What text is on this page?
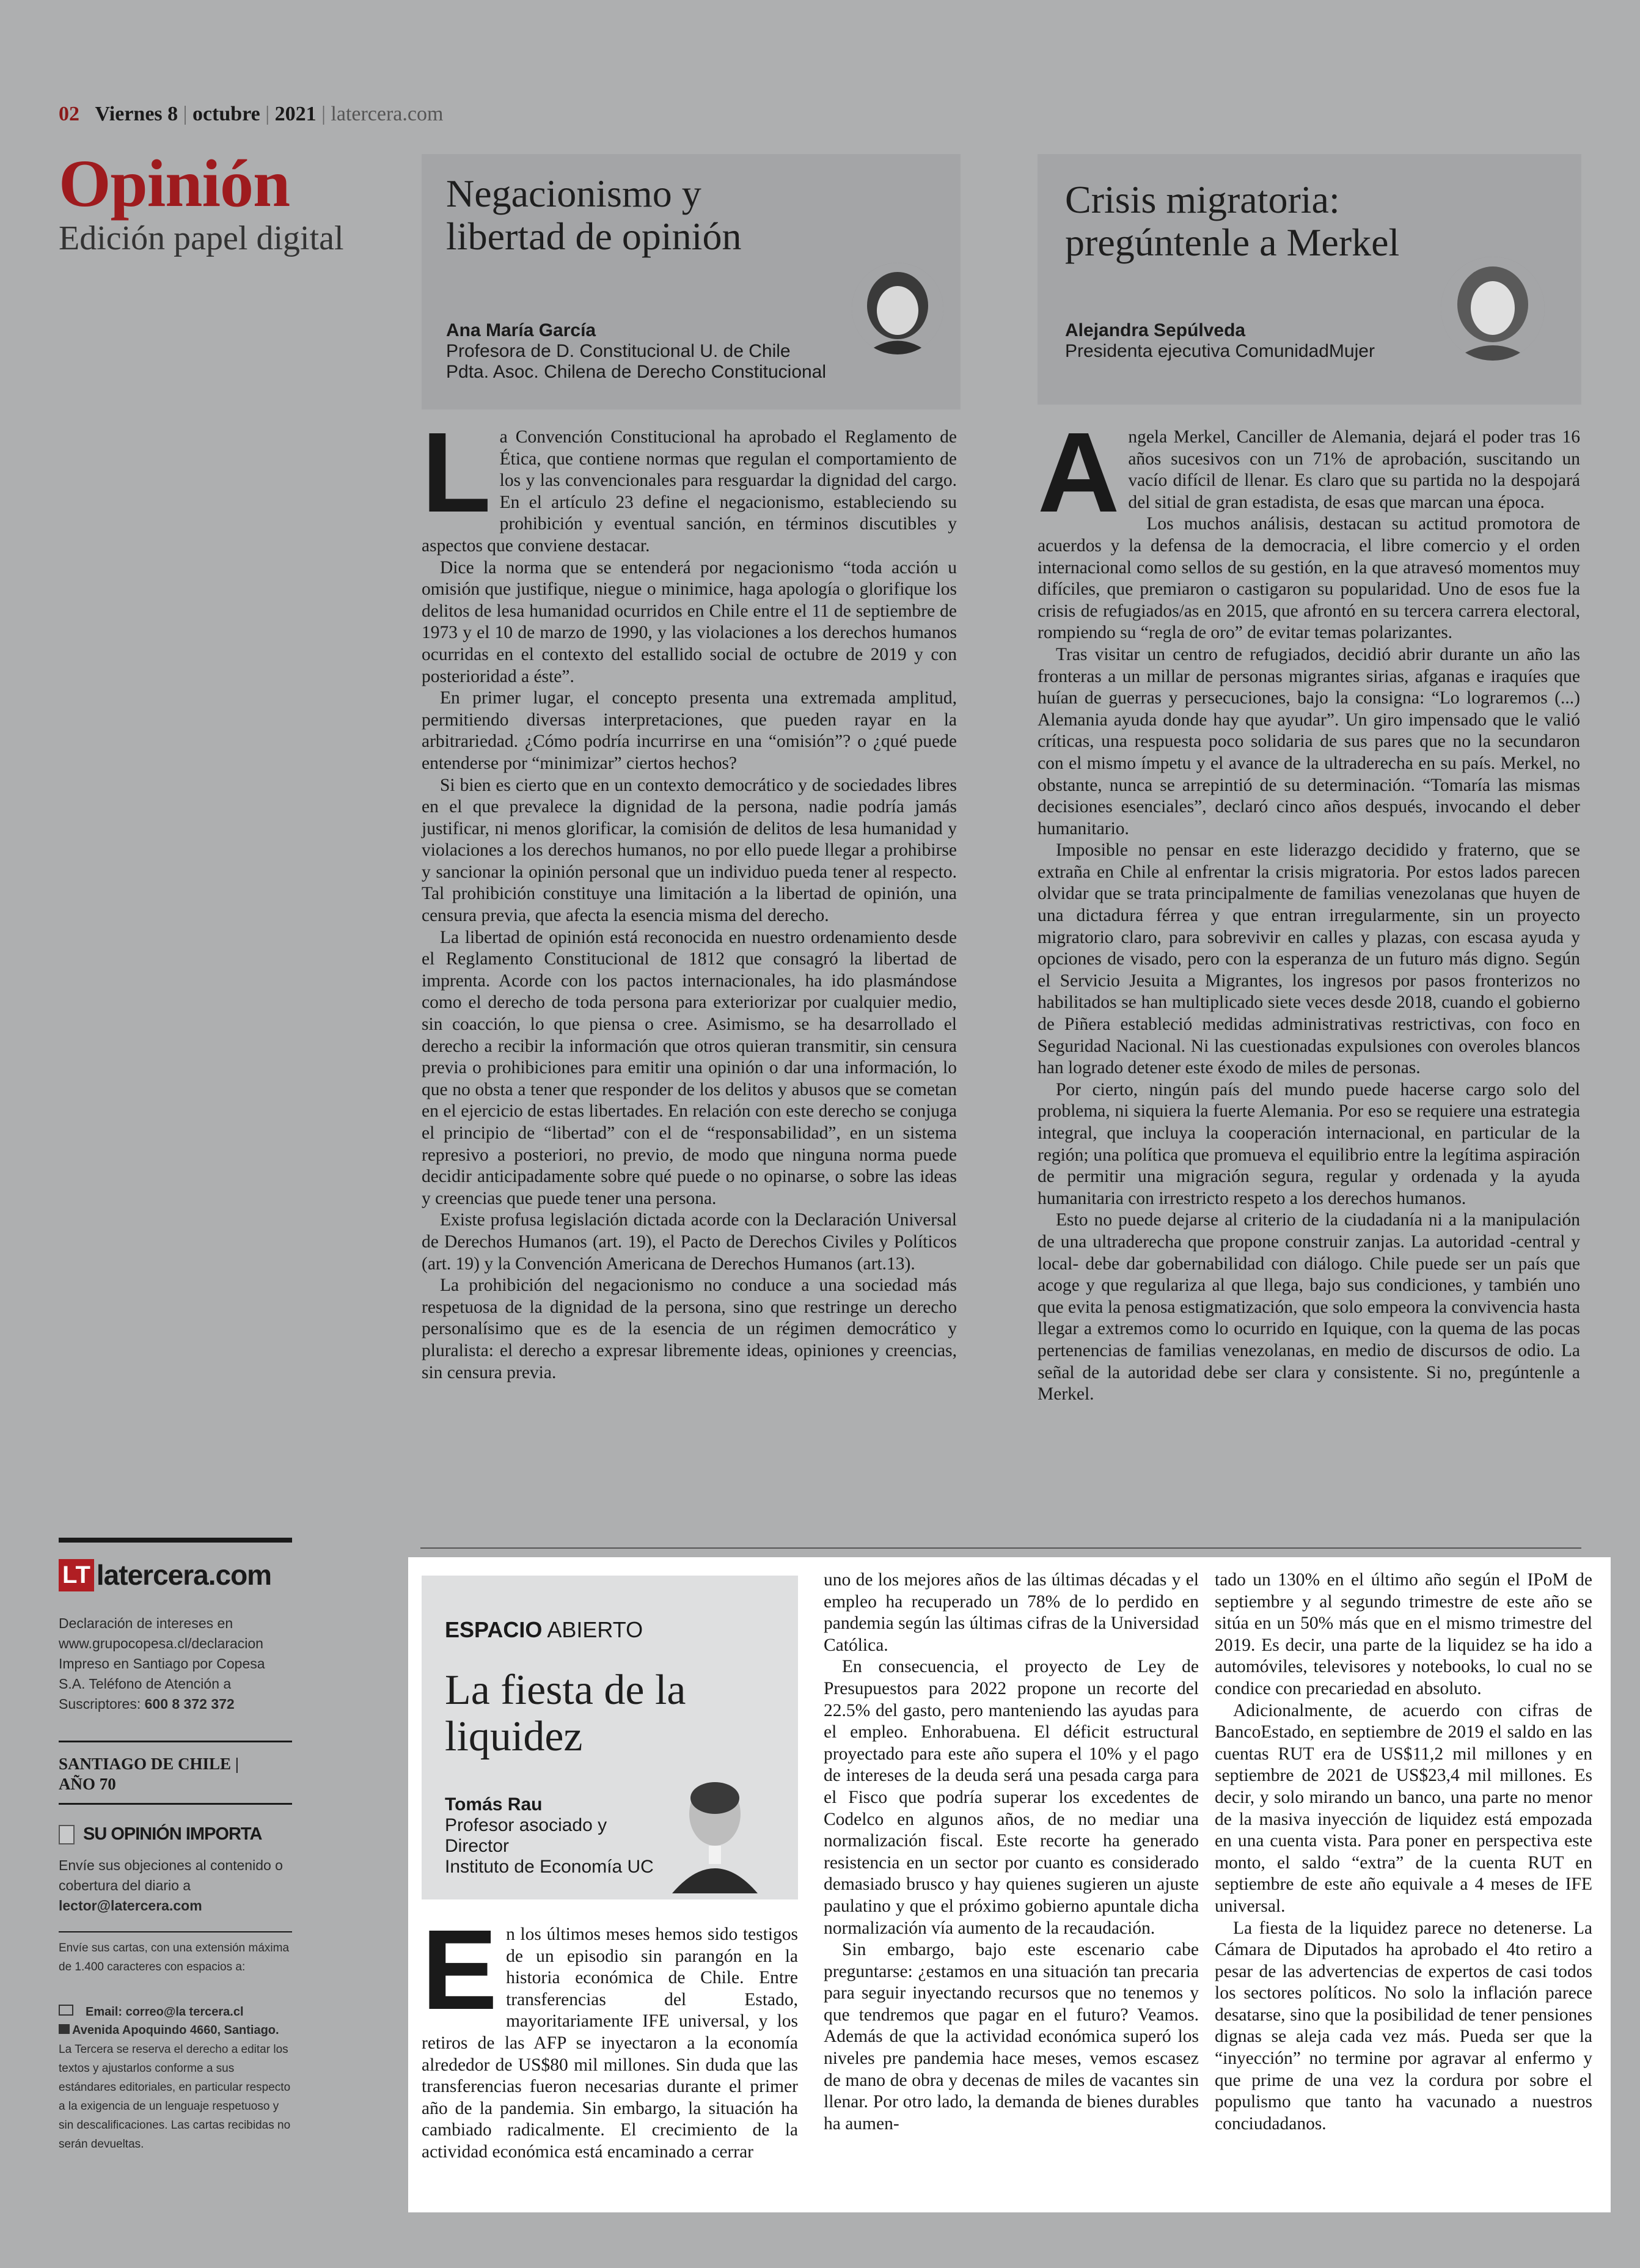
02 Viernes 8 | octubre | 2021 | latercera.com
Opinión
Edición papel digital
Negacionismo y libertad de opinión
Ana María García
Profesora de D. Constitucional U. de Chile
Pdta. Asoc. Chilena de Derecho Constitucional
Crisis migratoria: pregúntenle a Merkel
Alejandra Sepúlveda
Presidenta ejecutiva ComunidadMujer

La Convención Constitucional ha aprobado el Reglamento de Ética, que contiene normas que regulan el comportamiento de los y las convencionales para resguardar la dignidad del cargo. En el artículo 23 define el negacionismo, estableciendo su prohibición y eventual sanción, en términos discutibles y aspectos que conviene destacar.

Dice la norma que se entenderá por negacionismo “toda acción u omisión que justifique, niegue o minimice, haga apología o glorifique los delitos de lesa humanidad ocurridos en Chile entre el 11 de septiembre de 1973 y el 10 de marzo de 1990, y las violaciones a los derechos humanos ocurridas en el contexto del estallido social de octubre de 2019 y con posterioridad a éste”.

En primer lugar, el concepto presenta una extremada amplitud, permitiendo diversas interpretaciones, que pueden rayar en la arbitrariedad. ¿Cómo podría incurrirse en una “omisión”? o ¿qué puede entenderse por “minimizar” ciertos hechos?

Si bien es cierto que en un contexto democrático y de sociedades libres en el que prevalece la dignidad de la persona, nadie podría jamás justificar, ni menos glorificar, la comisión de delitos de lesa humanidad y violaciones a los derechos humanos, no por ello puede llegar a prohibirse y sancionar la opinión personal que un individuo pueda tener al respecto. Tal prohibición constituye una limitación a la libertad de opinión, una censura previa, que afecta la esencia misma del derecho.

La libertad de opinión está reconocida en nuestro ordenamiento desde el Reglamento Constitucional de 1812 que consagró la libertad de imprenta. Acorde con los pactos internacionales, ha ido plasmándose como el derecho de toda persona para exteriorizar por cualquier medio, sin coacción, lo que piensa o cree. Asimismo, se ha desarrollado el derecho a recibir la información que otros quieran transmitir, sin censura previa o prohibiciones para emitir una opinión o dar una información, lo que no obsta a tener que responder de los delitos y abusos que se cometan en el ejercicio de estas libertades. En relación con este derecho se conjuga el principio de “libertad” con el de “responsabilidad”, en un sistema represivo a posteriori, no previo, de modo que ninguna norma puede decidir anticipadamente sobre qué puede o no opinarse, o sobre las ideas y creencias que puede tener una persona.

Existe profusa legislación dictada acorde con la Declaración Universal de Derechos Humanos (art. 19), el Pacto de Derechos Civiles y Políticos (art. 19) y la Convención Americana de Derechos Humanos (art.13).

La prohibición del negacionismo no conduce a una sociedad más respetuosa de la dignidad de la persona, sino que restringe un derecho personalísimo que es de la esencia de un régimen democrático y pluralista: el derecho a expresar libremente ideas, opiniones y creencias, sin censura previa.

Angela Merkel, Canciller de Alemania, dejará el poder tras 16 años sucesivos con un 71% de aprobación, suscitando un vacío difícil de llenar. Es claro que su partida no la despojará del sitial de gran estadista, de esas que marcan una época.

Los muchos análisis, destacan su actitud promotora de acuerdos y la defensa de la democracia, el libre comercio y el orden internacional como sellos de su gestión, en la que atravesó momentos muy difíciles, que premiaron o castigaron su popularidad. Uno de esos fue la crisis de refugiados/as en 2015, que afrontó en su tercera carrera electoral, rompiendo su “regla de oro” de evitar temas polarizantes.

Tras visitar un centro de refugiados, decidió abrir durante un año las fronteras a un millar de personas migrantes sirias, afganas e iraquíes que huían de guerras y persecuciones, bajo la consigna: “Lo lograremos (...) Alemania ayuda donde hay que ayudar”. Un giro impensado que le valió críticas, una respuesta poco solidaria de sus pares que no la secundaron con el mismo ímpetu y el avance de la ultraderecha en su país. Merkel, no obstante, nunca se arrepintió de su determinación. “Tomaría las mismas decisiones esenciales”, declaró cinco años después, invocando el deber humanitario.

Imposible no pensar en este liderazgo decidido y fraterno, que se extraña en Chile al enfrentar la crisis migratoria. Por estos lados parecen olvidar que se trata principalmente de familias venezolanas que huyen de una dictadura férrea y que entran irregularmente, sin un proyecto migratorio claro, para sobrevivir en calles y plazas, con escasa ayuda y opciones de visado, pero con la esperanza de un futuro más digno. Según el Servicio Jesuita a Migrantes, los ingresos por pasos fronterizos no habilitados se han multiplicado siete veces desde 2018, cuando el gobierno de Piñera estableció medidas administrativas restrictivas, con foco en Seguridad Nacional. Ni las cuestionadas expulsiones con overoles blancos han logrado detener este éxodo de miles de personas.

Por cierto, ningún país del mundo puede hacerse cargo solo del problema, ni siquiera la fuerte Alemania. Por eso se requiere una estrategia integral, que incluya la cooperación internacional, en particular de la región; una política que promueva el equilibrio entre la legítima aspiración de permitir una migración segura, regular y ordenada y la ayuda humanitaria con irrestricto respeto a los derechos humanos.

Esto no puede dejarse al criterio de la ciudadanía ni a la manipulación de una ultraderecha que propone construir zanjas. La autoridad -central y local- debe dar gobernabilidad con diálogo. Chile puede ser un país que acoge y que regulariza al que llega, bajo sus condiciones, y también uno que evita la penosa estigmatización, que solo empeora la convivencia hasta llegar a extremos como lo ocurrido en Iquique, con la quema de las pocas pertenencias de familias venezolanas, en medio de discursos de odio. La señal de la autoridad debe ser clara y consistente. Si no, pregúntenle a Merkel.

LT latercera.com
Declaración de intereses en www.grupocopesa.cl/declaracion Impreso en Santiago por Copesa S.A. Teléfono de Atención a Suscriptores: 600 8 372 372
SANTIAGO DE CHILE |
AÑO 70
SU OPINIÓN IMPORTA
Envíe sus objeciones al contenido o cobertura del diario a lector@latercera.com
Envíe sus cartas, con una extensión máxima de 1.400 caracteres con espacios a:
Email: correo@la tercera.cl
Avenida Apoquindo 4660, Santiago.
La Tercera se reserva el derecho a editar los textos y ajustarlos conforme a sus estándares editoriales, en particular respecto a la exigencia de un lenguaje respetuoso y sin descalificaciones. Las cartas recibidas no serán devueltas.
ESPACIO ABIERTO
La fiesta de la liquidez
Tomás Rau
Profesor asociado y
Director
Instituto de Economía UC

En los últimos meses hemos sido testigos de un episodio sin parangón en la historia económica de Chile. Entre transferencias del Estado, mayoritariamente IFE universal, y los retiros de las AFP se inyectaron a la economía alrededor de US$80 mil millones. Sin duda que las transferencias fueron necesarias durante el primer año de la pandemia. Sin embargo, la situación ha cambiado radicalmente. El crecimiento de la actividad económica está encaminado a cerrar

uno de los mejores años de las últimas décadas y el empleo ha recuperado un 78% de lo perdido en pandemia según las últimas cifras de la Universidad Católica.

En consecuencia, el proyecto de Ley de Presupuestos para 2022 propone un recorte del 22.5% del gasto, pero manteniendo las ayudas para el empleo. Enhorabuena. El déficit estructural proyectado para este año supera el 10% y el pago de intereses de la deuda será una pesada carga para el Fisco que podría superar los excedentes de Codelco en algunos años, de no mediar una normalización fiscal. Este recorte ha generado resistencia en un sector por cuanto es considerado demasiado brusco y hay quienes sugieren un ajuste paulatino y que el próximo gobierno apuntale dicha normalización vía aumento de la recaudación.

Sin embargo, bajo este escenario cabe preguntarse: ¿estamos en una situación tan precaria para seguir inyectando recursos que no tenemos y que tendremos que pagar en el futuro? Veamos. Además de que la actividad económica superó los niveles pre pandemia hace meses, vemos escasez de mano de obra y decenas de miles de vacantes sin llenar. Por otro lado, la demanda de bienes durables ha aumen-

tado un 130% en el último año según el IPoM de septiembre y al segundo trimestre de este año se sitúa en un 50% más que en el mismo trimestre del 2019. Es decir, una parte de la liquidez se ha ido a automóviles, televisores y notebooks, lo cual no se condice con precariedad en absoluto.

Adicionalmente, de acuerdo con cifras de BancoEstado, en septiembre de 2019 el saldo en las cuentas RUT era de US$11,2 mil millones y en septiembre de 2021 de US$23,4 mil millones. Es decir, y solo mirando un banco, una parte no menor de la masiva inyección de liquidez está empozada en una cuenta vista. Para poner en perspectiva este monto, el saldo “extra” de la cuenta RUT en septiembre de este año equivale a 4 meses de IFE universal.

La fiesta de la liquidez parece no detenerse. La Cámara de Diputados ha aprobado el 4to retiro a pesar de las advertencias de expertos de casi todos los sectores políticos. No solo la inflación parece desatarse, sino que la posibilidad de tener pensiones dignas se aleja cada vez más. Pueda ser que la “inyección” no termine por agravar al enfermo y que prime de una vez la cordura por sobre el populismo que tanto ha vacunado a nuestros conciudadanos.
